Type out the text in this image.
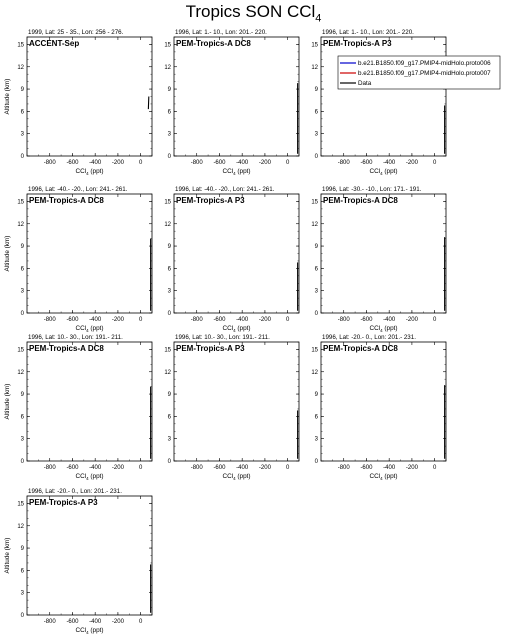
Tropics SON CCl$_4$
1999, Lat: 25 - 35., Lon: 256 - 276.
ACCENT-Sep
0
3
6
9
12
15
-800 -600 -400 -200	0
Altitude (km)
CCl$_4$ (ppt)
1996, Lat: 1.- 10., Lon: 201.- 220.
PEM-Tropics-A DC8
0
3
6
9
12
15
-800 -600 -400 -200	0
CCl$_4$ (ppt)
1996, Lat: 1.- 10., Lon: 201.- 220.
PEM-Tropics-A P3
0
3
6
9
12
15
-800 -600 -400 -200	0
CCl$_4$ (ppt)
1996, Lat: -40.- -20., Lon: 241.- 261.
PEM-Tropics-A DC8
0
3
6
9
12
15
-800 -600 -400 -200	0
Altitude (km)
CCl$_4$ (ppt)
1996, Lat: -40.- -20., Lon: 241.- 261.
PEM-Tropics-A P3
0
3
6
9
12
15
-800 -600 -400 -200	0
CCl$_4$ (ppt)
1996, Lat: -30.- -10., Lon: 171.- 191.
PEM-Tropics-A DC8
0
3
6
9
12
15
-800 -600 -400 -200	0
CCl$_4$ (ppt)
1996, Lat: 10.- 30., Lon: 191.- 211.
PEM-Tropics-A DC8
0
3
6
9
12
15
-800 -600 -400 -200	0
Altitude (km)
CCl$_4$ (ppt)
1996, Lat: 10.- 30., Lon: 191.- 211.
PEM-Tropics-A P3
0
3
6
9
12
15
-800 -600 -400 -200	0
CCl$_4$ (ppt)
1996, Lat: -20.- 0., Lon: 201.- 231.
PEM-Tropics-A DC8
0
3
6
9
12
15
-800 -600 -400 -200	0
CCl$_4$ (ppt)
1996, Lat: -20.- 0., Lon: 201.- 231.
PEM-Tropics-A P3
0
3
6
9
12
15
-800 -600 -400 -200	0
Altitude (km)
CCl$_4$ (ppt)
b.e21.B1850.f09_g17.PMIP4-midHolo.proto006
b.e21.B1850.f09_g17.PMIP4-midHolo.proto007
Data
